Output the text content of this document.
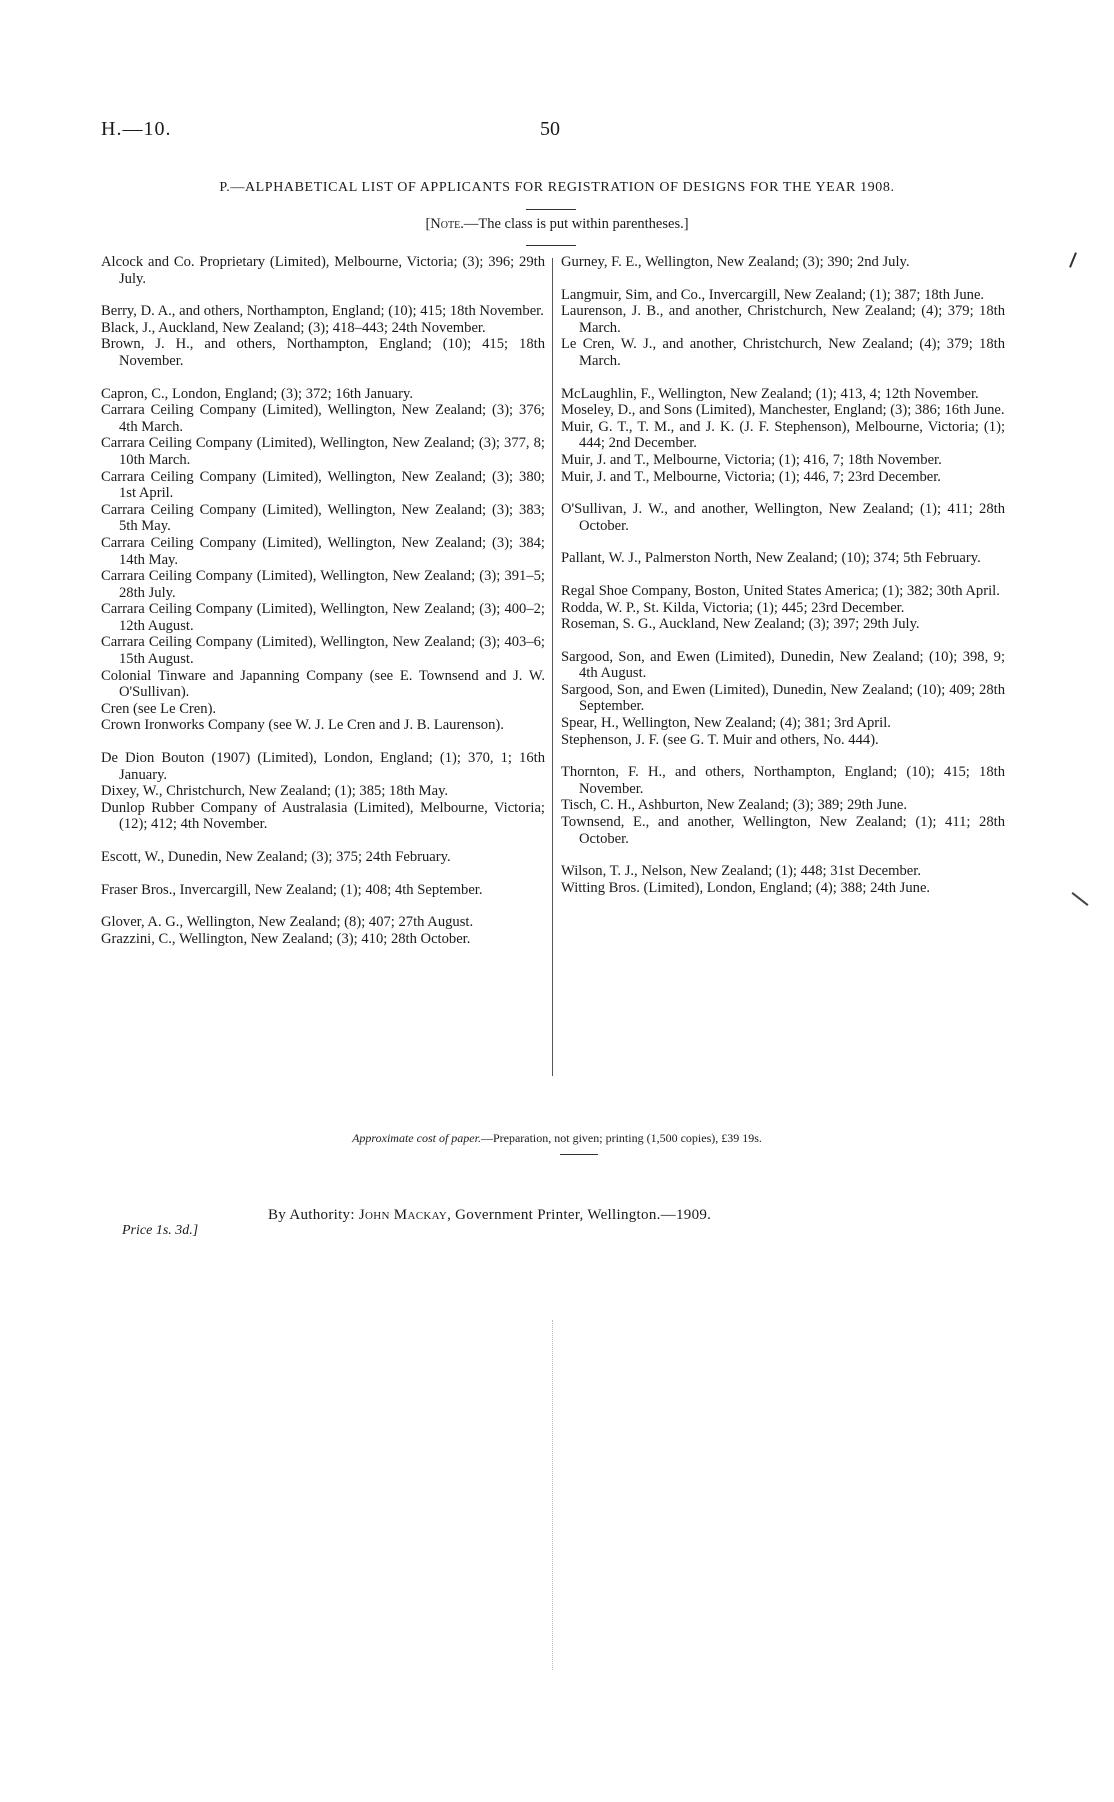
H.—10.	50
P.—ALPHABETICAL LIST OF APPLICANTS FOR REGISTRATION OF DESIGNS FOR THE YEAR 1908.
[Note.—The class is put within parentheses.]
Alcock and Co. Proprietary (Limited), Melbourne, Victoria; (3); 396; 29th July.
Berry, D. A., and others, Northampton, England; (10); 415; 18th November.
Black, J., Auckland, New Zealand; (3); 418–443; 24th November.
Brown, J. H., and others, Northampton, England; (10); 415; 18th November.
Capron, C., London, England; (3); 372; 16th January.
Carrara Ceiling Company (Limited), Wellington, New Zealand; (3); 376; 4th March.
Carrara Ceiling Company (Limited), Wellington, New Zealand; (3); 377, 8; 10th March.
Carrara Ceiling Company (Limited), Wellington, New Zealand; (3); 380; 1st April.
Carrara Ceiling Company (Limited), Wellington, New Zealand; (3); 383; 5th May.
Carrara Ceiling Company (Limited), Wellington, New Zealand; (3); 384; 14th May.
Carrara Ceiling Company (Limited), Wellington, New Zealand; (3); 391–5; 28th July.
Carrara Ceiling Company (Limited), Wellington, New Zealand; (3); 400–2; 12th August.
Carrara Ceiling Company (Limited), Wellington, New Zealand; (3); 403–6; 15th August.
Colonial Tinware and Japanning Company (see E. Townsend and J. W. O'Sullivan).
Cren (see Le Cren).
Crown Ironworks Company (see W. J. Le Cren and J. B. Laurenson).
De Dion Bouton (1907) (Limited), London, England; (1); 370, 1; 16th January.
Dixey, W., Christchurch, New Zealand; (1); 385; 18th May.
Dunlop Rubber Company of Australasia (Limited), Melbourne, Victoria; (12); 412; 4th November.
Escott, W., Dunedin, New Zealand; (3); 375; 24th February.
Fraser Bros., Invercargill, New Zealand; (1); 408; 4th September.
Glover, A. G., Wellington, New Zealand; (8); 407; 27th August.
Grazzini, C., Wellington, New Zealand; (3); 410; 28th October.
Gurney, F. E., Wellington, New Zealand; (3); 390; 2nd July.
Langmuir, Sim, and Co., Invercargill, New Zealand; (1); 387; 18th June.
Laurenson, J. B., and another, Christchurch, New Zealand; (4); 379; 18th March.
Le Cren, W. J., and another, Christchurch, New Zealand; (4); 379; 18th March.
McLaughlin, F., Wellington, New Zealand; (1); 413, 4; 12th November.
Moseley, D., and Sons (Limited), Manchester, England; (3); 386; 16th June.
Muir, G. T., T. M., and J. K. (J. F. Stephenson), Melbourne, Victoria; (1); 444; 2nd December.
Muir, J. and T., Melbourne, Victoria; (1); 416, 7; 18th November.
Muir, J. and T., Melbourne, Victoria; (1); 446, 7; 23rd December.
O'Sullivan, J. W., and another, Wellington, New Zealand; (1); 411; 28th October.
Pallant, W. J., Palmerston North, New Zealand; (10); 374; 5th February.
Regal Shoe Company, Boston, United States America; (1); 382; 30th April.
Rodda, W. P., St. Kilda, Victoria; (1); 445; 23rd December.
Roseman, S. G., Auckland, New Zealand; (3); 397; 29th July.
Sargood, Son, and Ewen (Limited), Dunedin, New Zealand; (10); 398, 9; 4th August.
Sargood, Son, and Ewen (Limited), Dunedin, New Zealand; (10); 409; 28th September.
Spear, H., Wellington, New Zealand; (4); 381; 3rd April.
Stephenson, J. F. (see G. T. Muir and others, No. 444).
Thornton, F. H., and others, Northampton, England; (10); 415; 18th November.
Tisch, C. H., Ashburton, New Zealand; (3); 389; 29th June.
Townsend, E., and another, Wellington, New Zealand; (1); 411; 28th October.
Wilson, T. J., Nelson, New Zealand; (1); 448; 31st December.
Witting Bros. (Limited), London, England; (4); 388; 24th June.
Approximate cost of paper.—Preparation, not given; printing (1,500 copies), £39 19s.
By Authority: John Mackay, Government Printer, Wellington.—1909.
Price 1s. 3d.]
